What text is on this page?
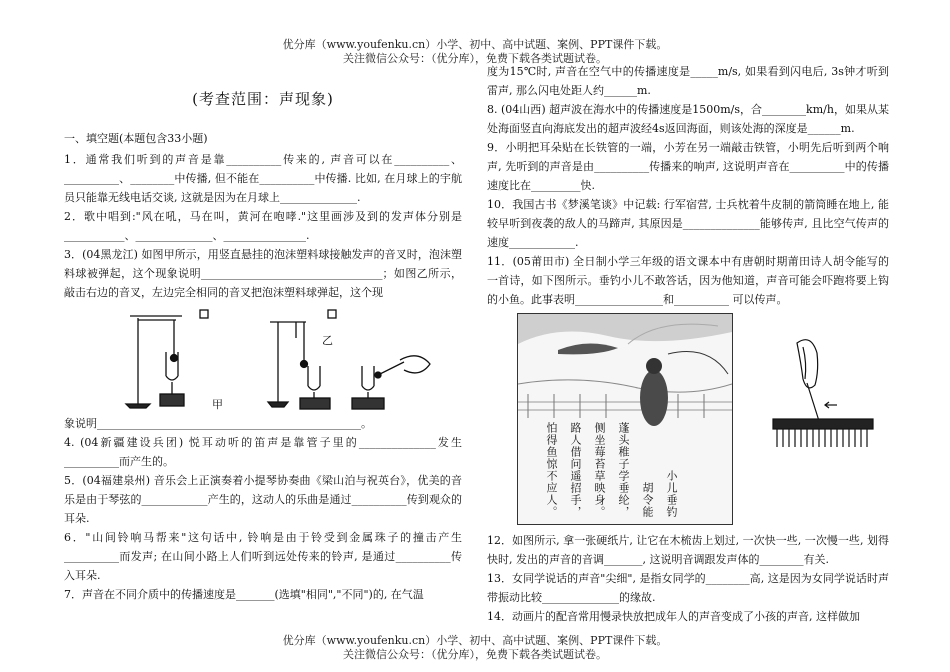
优分库（www.youfenku.cn）小学、初中、高中试题、案例、PPT课件下载。
关注微信公众号：（优分库），免费下载各类试题试卷。
(考查范围：声现象)

一、填空题(本题包含33小题)

1．通常我们听到的声音是靠__________传来的, 声音可以在__________、__________、________中传播, 但不能在__________中传播. 比如, 在月球上的宇航员只能靠无线电话交谈, 这就是因为在月球上______________.

2．歌中唱到:"风在吼，马在叫，黄河在咆哮."这里画涉及到的发声体分别是___________、______________、_______________.

3．(04黑龙江) 如图甲所示，用竖直悬挂的泡沫塑料球接触发声的音叉时，泡沫塑料球被弹起，这个现象说明_________________________________；如图乙所示，敲击右边的音叉，左边完全相同的音叉把泡沫塑料球弹起，这个现

甲
乙

象说明________________________________________________。

4. (04新疆建设兵团) 悦耳动听的笛声是靠管子里的______________发生__________而产生的。

5．(04福建泉州) 音乐会上正演奏着小提琴协奏曲《梁山泊与祝英台》，优美的音乐是由于琴弦的____________产生的，这动人的乐曲是通过__________传到观众的耳朵.

6．"山间铃响马帮来"这句话中, 铃响是由于铃受到金属珠子的撞击产生__________而发声; 在山间小路上人们听到远处传来的铃声, 是通过__________传入耳朵.

7．声音在不同介质中的传播速度是_______(选填"相同","不同")的, 在气温

度为15℃时, 声音在空气中的传播速度是_____m/s, 如果看到闪电后, 3s钟才听到雷声, 那么闪电处距人约______m.

8. (04山西) 超声波在海水中的传播速度是1500m/s，合________km/h，如果从某处海面竖直向海底发出的超声波经4s返回海面，则该处海的深度是______m.

9．小明把耳朵贴在长铁管的一端，小芳在另一端敲击铁管，小明先后听到两个响声, 先听到的声音是由__________传播来的响声, 这说明声音在__________中的传播速度比在_________快.

10．我国古书《梦溪笔谈》中记载: 行军宿营, 士兵枕着牛皮制的箭筒睡在地上, 能较早听到夜袭的敌人的马蹄声, 其原因是______________能够传声, 且比空气传声的速度____________.

11．(05莆田市) 全日制小学三年级的语文课本中有唐朝时期莆田诗人胡令能写的一首诗，如下图所示。垂钓小儿不敢答话，因为他知道，声音可能会吓跑将要上钩的小鱼。此事表明________________和__________ 可以传声。

小儿垂钓
胡令能
蓬头稚子学垂纶，
侧坐莓苔草映身。
路人借问遥招手，
怕得鱼惊不应人。

12．如图所示, 拿一张硬纸片, 让它在木梳齿上划过, 一次快一些, 一次慢一些, 划得快时, 发出的声音的音调_______, 这说明音调跟发声体的________有关.

13．女同学说话的声音"尖细", 是指女同学的________高, 这是因为女同学说话时声带振动比较______________的缘故.

14．动画片的配音常用慢录快放把成年人的声音变成了小孩的声音, 这样做加

优分库（www.youfenku.cn）小学、初中、高中试题、案例、PPT课件下载。
关注微信公众号：（优分库），免费下载各类试题试卷。
